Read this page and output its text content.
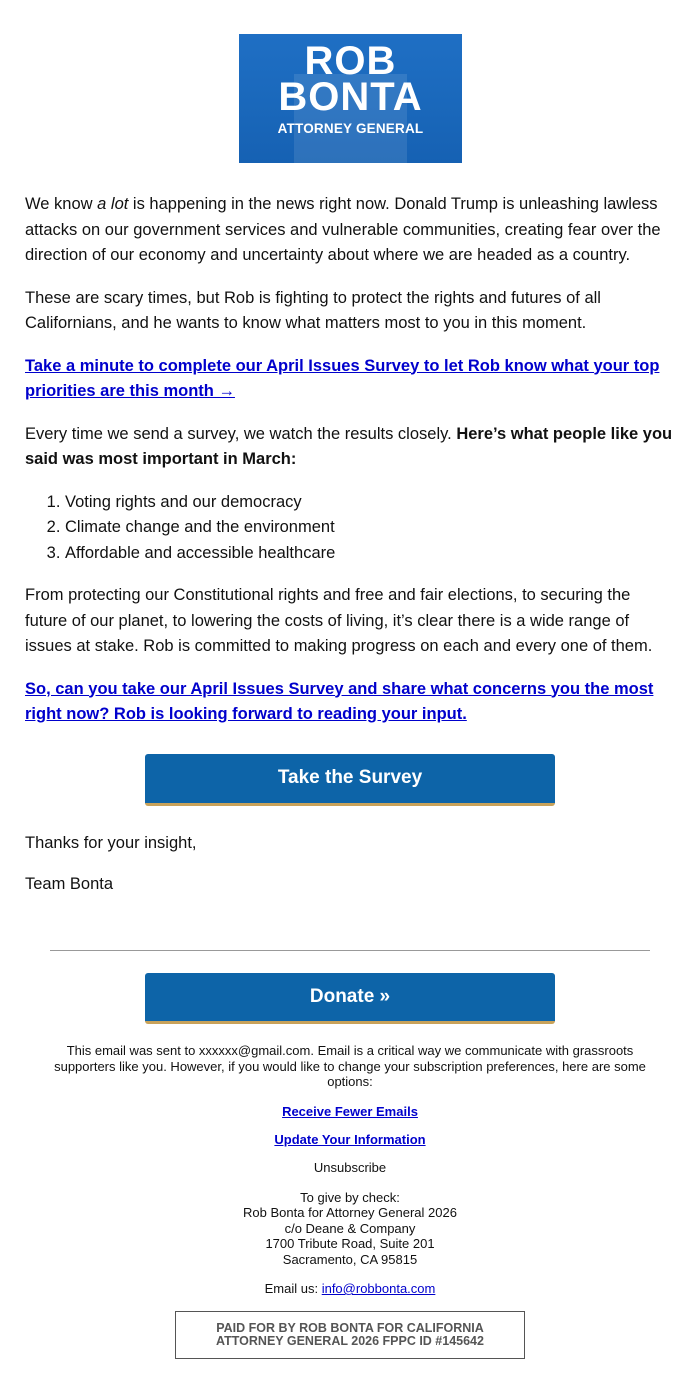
ROB
BONTA
ATTORNEY GENERAL

We know a lot is happening in the news right now. Donald Trump is unleashing lawless attacks on our government services and vulnerable communities, creating fear over the direction of our economy and uncertainty about where we are headed as a country.

These are scary times, but Rob is fighting to protect the rights and futures of all Californians, and he wants to know what matters most to you in this moment.

Take a minute to complete our April Issues Survey to let Rob know what your top priorities are this month →

Every time we send a survey, we watch the results closely. Here’s what people like you said was most important in March:

1. Voting rights and our democracy
2. Climate change and the environment
3. Affordable and accessible healthcare

From protecting our Constitutional rights and free and fair elections, to securing the future of our planet, to lowering the costs of living, it’s clear there is a wide range of issues at stake. Rob is committed to making progress on each and every one of them.

So, can you take our April Issues Survey and share what concerns you the most right now? Rob is looking forward to reading your input.

Take the Survey

Thanks for your insight,

Team Bonta

Donate »

This email was sent to xxxxxx@gmail.com. Email is a critical way we communicate with grassroots supporters like you. However, if you would like to change your subscription preferences, here are some options:

Receive Fewer Emails

Update Your Information

Unsubscribe

To give by check:
Rob Bonta for Attorney General 2026
c/o Deane & Company
1700 Tribute Road, Suite 201
Sacramento, CA 95815

Email us: info@robbonta.com

PAID FOR BY ROB BONTA FOR CALIFORNIA
ATTORNEY GENERAL 2026 FPPC ID #145642
